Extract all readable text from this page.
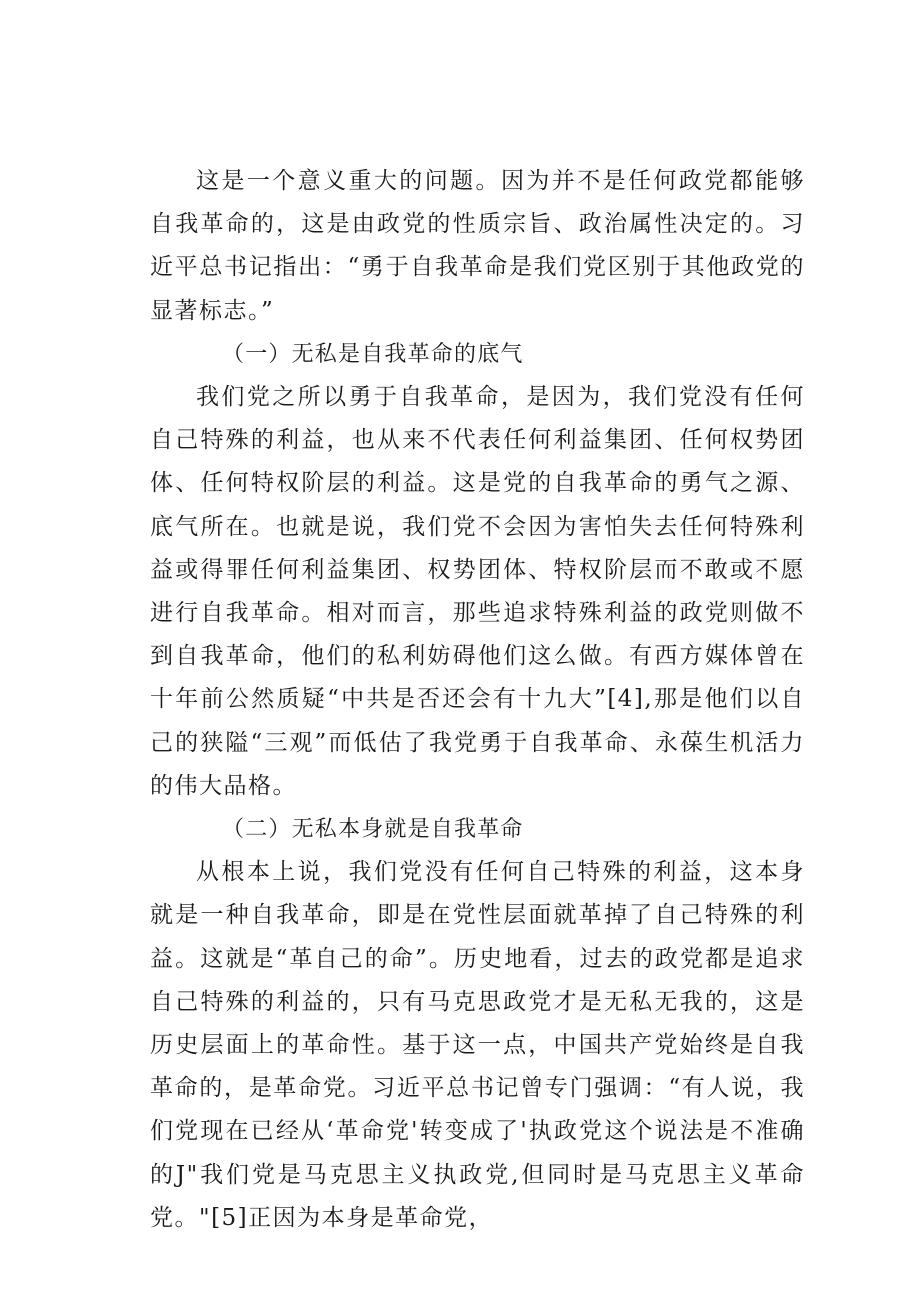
这是一个意义重大的问题。因为并不是任何政党都能够自我革命的，这是由政党的性质宗旨、政治属性决定的。习近平总书记指出：“勇于自我革命是我们党区别于其他政党的显著标志。”

（一）无私是自我革命的底气

我们党之所以勇于自我革命，是因为，我们党没有任何自己特殊的利益，也从来不代表任何利益集团、任何权势团体、任何特权阶层的利益。这是党的自我革命的勇气之源、底气所在。也就是说，我们党不会因为害怕失去任何特殊利益或得罪任何利益集团、权势团体、特权阶层而不敢或不愿进行自我革命。相对而言，那些追求特殊利益的政党则做不到自我革命，他们的私利妨碍他们这么做。有西方媒体曾在十年前公然质疑“中共是否还会有十九大”[4],那是他们以自己的狭隘“三观”而低估了我党勇于自我革命、永葆生机活力的伟大品格。

（二）无私本身就是自我革命

从根本上说，我们党没有任何自己特殊的利益，这本身就是一种自我革命，即是在党性层面就革掉了自己特殊的利益。这就是“革自己的命”。历史地看，过去的政党都是追求自己特殊的利益的，只有马克思政党才是无私无我的，这是历史层面上的革命性。基于这一点，中国共产党始终是自我革命的，是革命党。习近平总书记曾专门强调：“有人说，我们党现在已经从‘革命党'转变成了'执政党这个说法是不准确的J"我们党是马克思主义执政党,但同时是马克思主义革命党。"[5]正因为本身是革命党，
